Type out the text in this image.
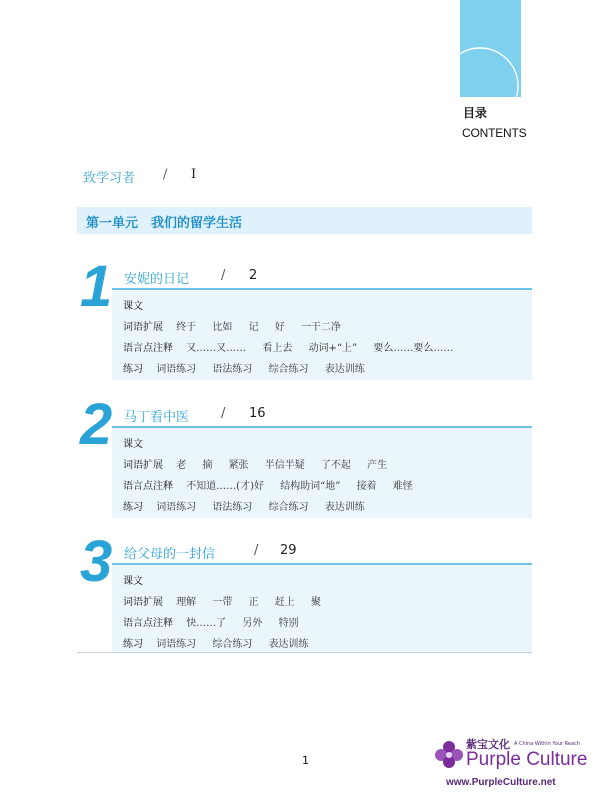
目录
CONTENTS
致学习者 / I
第一单元　我们的留学生活
1 安妮的日记 / 2
课文
词语扩展 终于 比如 记 好 一干二净
语言点注释 又……又…… 看上去 动词+“上” 要么……要么……
练习 词语练习 语法练习 综合练习 表达训练
2 马丁看中医 / 16
课文
词语扩展 老 摘 紧张 半信半疑 了不起 产生
语言点注释 不知道……(才)好 结构助词“地” 接着 难怪
练习 词语练习 语法练习 综合练习 表达训练
3 给父母的一封信	/ 29
课文
词语扩展 理解 一带 正 赶上 聚
语言点注释 快……了 另外 特别
练习 词语练习 综合练习 表达训练
1
紫宝文化 A China Within Your Reach
Purple Culture
www.PurpleCulture.net
